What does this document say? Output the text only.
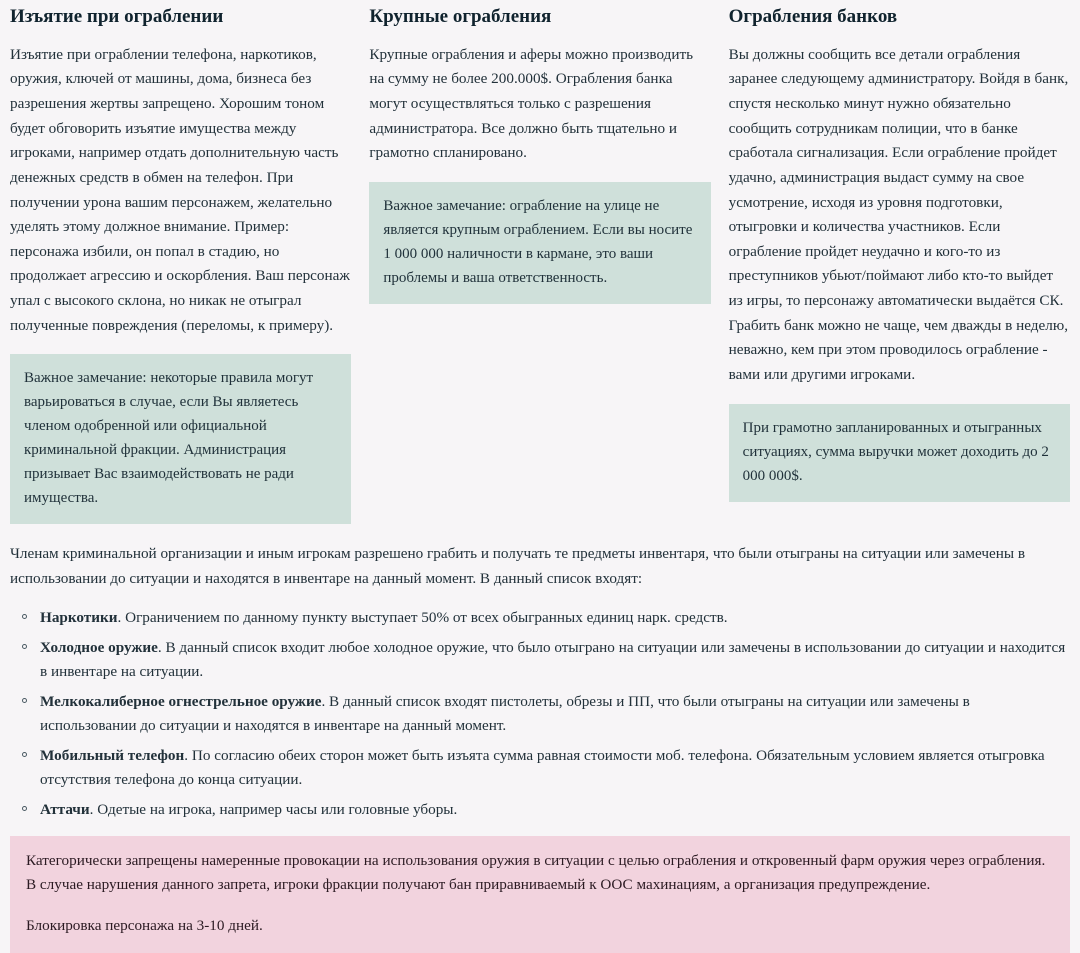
Изъятие при ограблении

Изъятие при ограблении телефона, наркотиков, оружия, ключей от машины, дома, бизнеса без разрешения жертвы запрещено. Хорошим тоном будет обговорить изъятие имущества между игроками, например отдать дополнительную часть денежных средств в обмен на телефон. При получении урона вашим персонажем, желательно уделять этому должное внимание. Пример: персонажа избили, он попал в стадию, но продолжает агрессию и оскорбления. Ваш персонаж упал с высокого склона, но никак не отыграл полученные повреждения (переломы, к примеру).

Важное замечание: некоторые правила могут варьироваться в случае, если Вы являетесь членом одобренной или официальной криминальной фракции. Администрация призывает Вас взаимодействовать не ради имущества.
Крупные ограбления

Крупные ограбления и аферы можно производить на сумму не более 200.000$. Ограбления банка могут осуществляться только с разрешения администратора. Все должно быть тщательно и грамотно спланировано.

Важное замечание: ограбление на улице не является крупным ограблением. Если вы носите 1 000 000 наличности в кармане, это ваши проблемы и ваша ответственность.
Ограбления банков

Вы должны сообщить все детали ограбления заранее следующему администратору. Войдя в банк, спустя несколько минут нужно обязательно сообщить сотрудникам полиции, что в банке сработала сигнализация. Если ограбление пройдет удачно, администрация выдаст сумму на свое усмотрение, исходя из уровня подготовки, отыгровки и количества участников. Если ограбление пройдет неудачно и кого-то из преступников убьют/поймают либо кто-то выйдет из игры, то персонажу автоматически выдаётся СК. Грабить банк можно не чаще, чем дважды в неделю, неважно, кем при этом проводилось ограбление - вами или другими игроками.

При грамотно запланированных и отыгранных ситуациях, сумма выручки может доходить до 2 000 000$.

Членам криминальной организации и иным игрокам разрешено грабить и получать те предметы инвентаря, что были отыграны на ситуации или замечены в использовании до ситуации и находятся в инвентаре на данный момент. В данный список входят:

Наркотики. Ограничением по данному пункту выступает 50% от всех обыгранных единиц нарк. средств.
Холодное оружие. В данный список входит любое холодное оружие, что было отыграно на ситуации или замечены в использовании до ситуации и находится в инвентаре на ситуации.
Мелкокалиберное огнестрельное оружие. В данный список входят пистолеты, обрезы и ПП, что были отыграны на ситуации или замечены в использовании до ситуации и находятся в инвентаре на данный момент.
Мобильный телефон. По согласию обеих сторон может быть изъята сумма равная стоимости моб. телефона. Обязательным условием является отыгровка отсутствия телефона до конца ситуации.
Аттачи. Одетые на игрока, например часы или головные уборы.

Категорически запрещены намеренные провокации на использования оружия в ситуации с целью ограбления и откровенный фарм оружия через ограбления. В случае нарушения данного запрета, игроки фракции получают бан приравниваемый к ООС махинациям, а организация предупреждение.

Блокировка персонажа на 3-10 дней.
